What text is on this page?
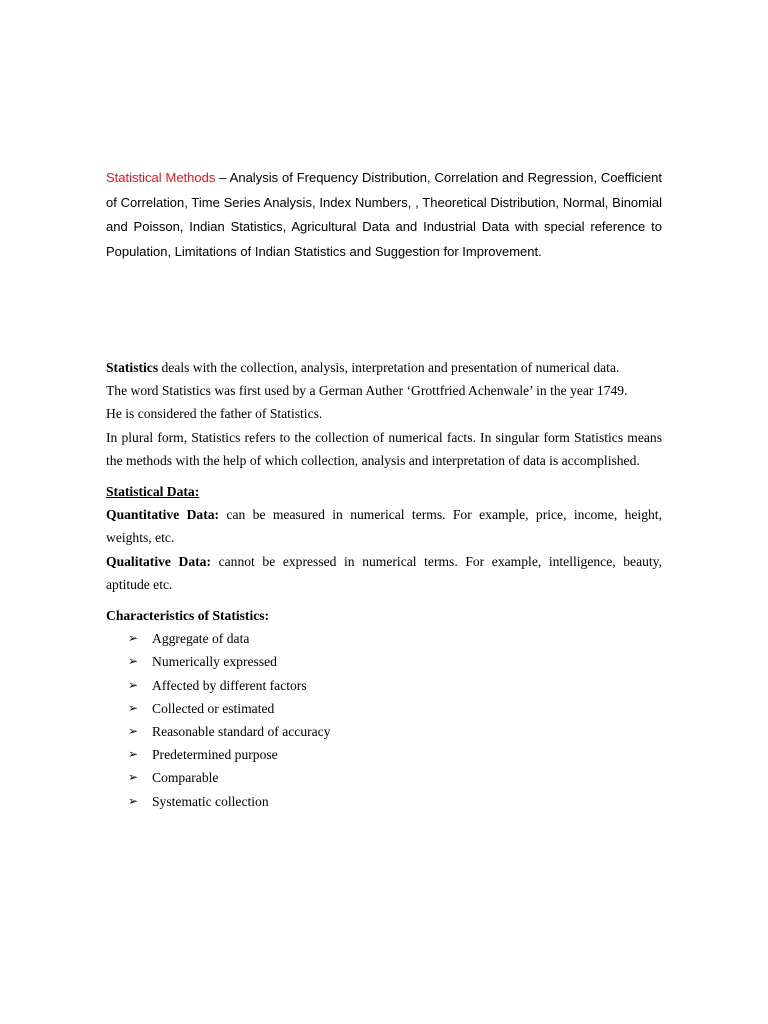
Statistical Methods – Analysis of Frequency Distribution, Correlation and Regression, Coefficient of Correlation, Time Series Analysis, Index Numbers, , Theoretical Distribution, Normal, Binomial and Poisson, Indian Statistics, Agricultural Data and Industrial Data with special reference to Population, Limitations of Indian Statistics and Suggestion for Improvement.

Statistics deals with the collection, analysis, interpretation and presentation of numerical data.

The word Statistics was first used by a German Auther ‘Grottfried Achenwale’ in the year 1749.

He is considered the father of Statistics.

In plural form, Statistics refers to the collection of numerical facts. In singular form Statistics means the methods with the help of which collection, analysis and interpretation of data is accomplished.

Statistical Data:

Quantitative Data: can be measured in numerical terms. For example, price, income, height, weights, etc.

Qualitative Data: cannot be expressed in numerical terms. For example, intelligence, beauty, aptitude etc.

Characteristics of Statistics:

➢ Aggregate of data
➢ Numerically expressed
➢ Affected by different factors
➢ Collected or estimated
➢ Reasonable standard of accuracy
➢ Predetermined purpose
➢ Comparable
➢ Systematic collection
